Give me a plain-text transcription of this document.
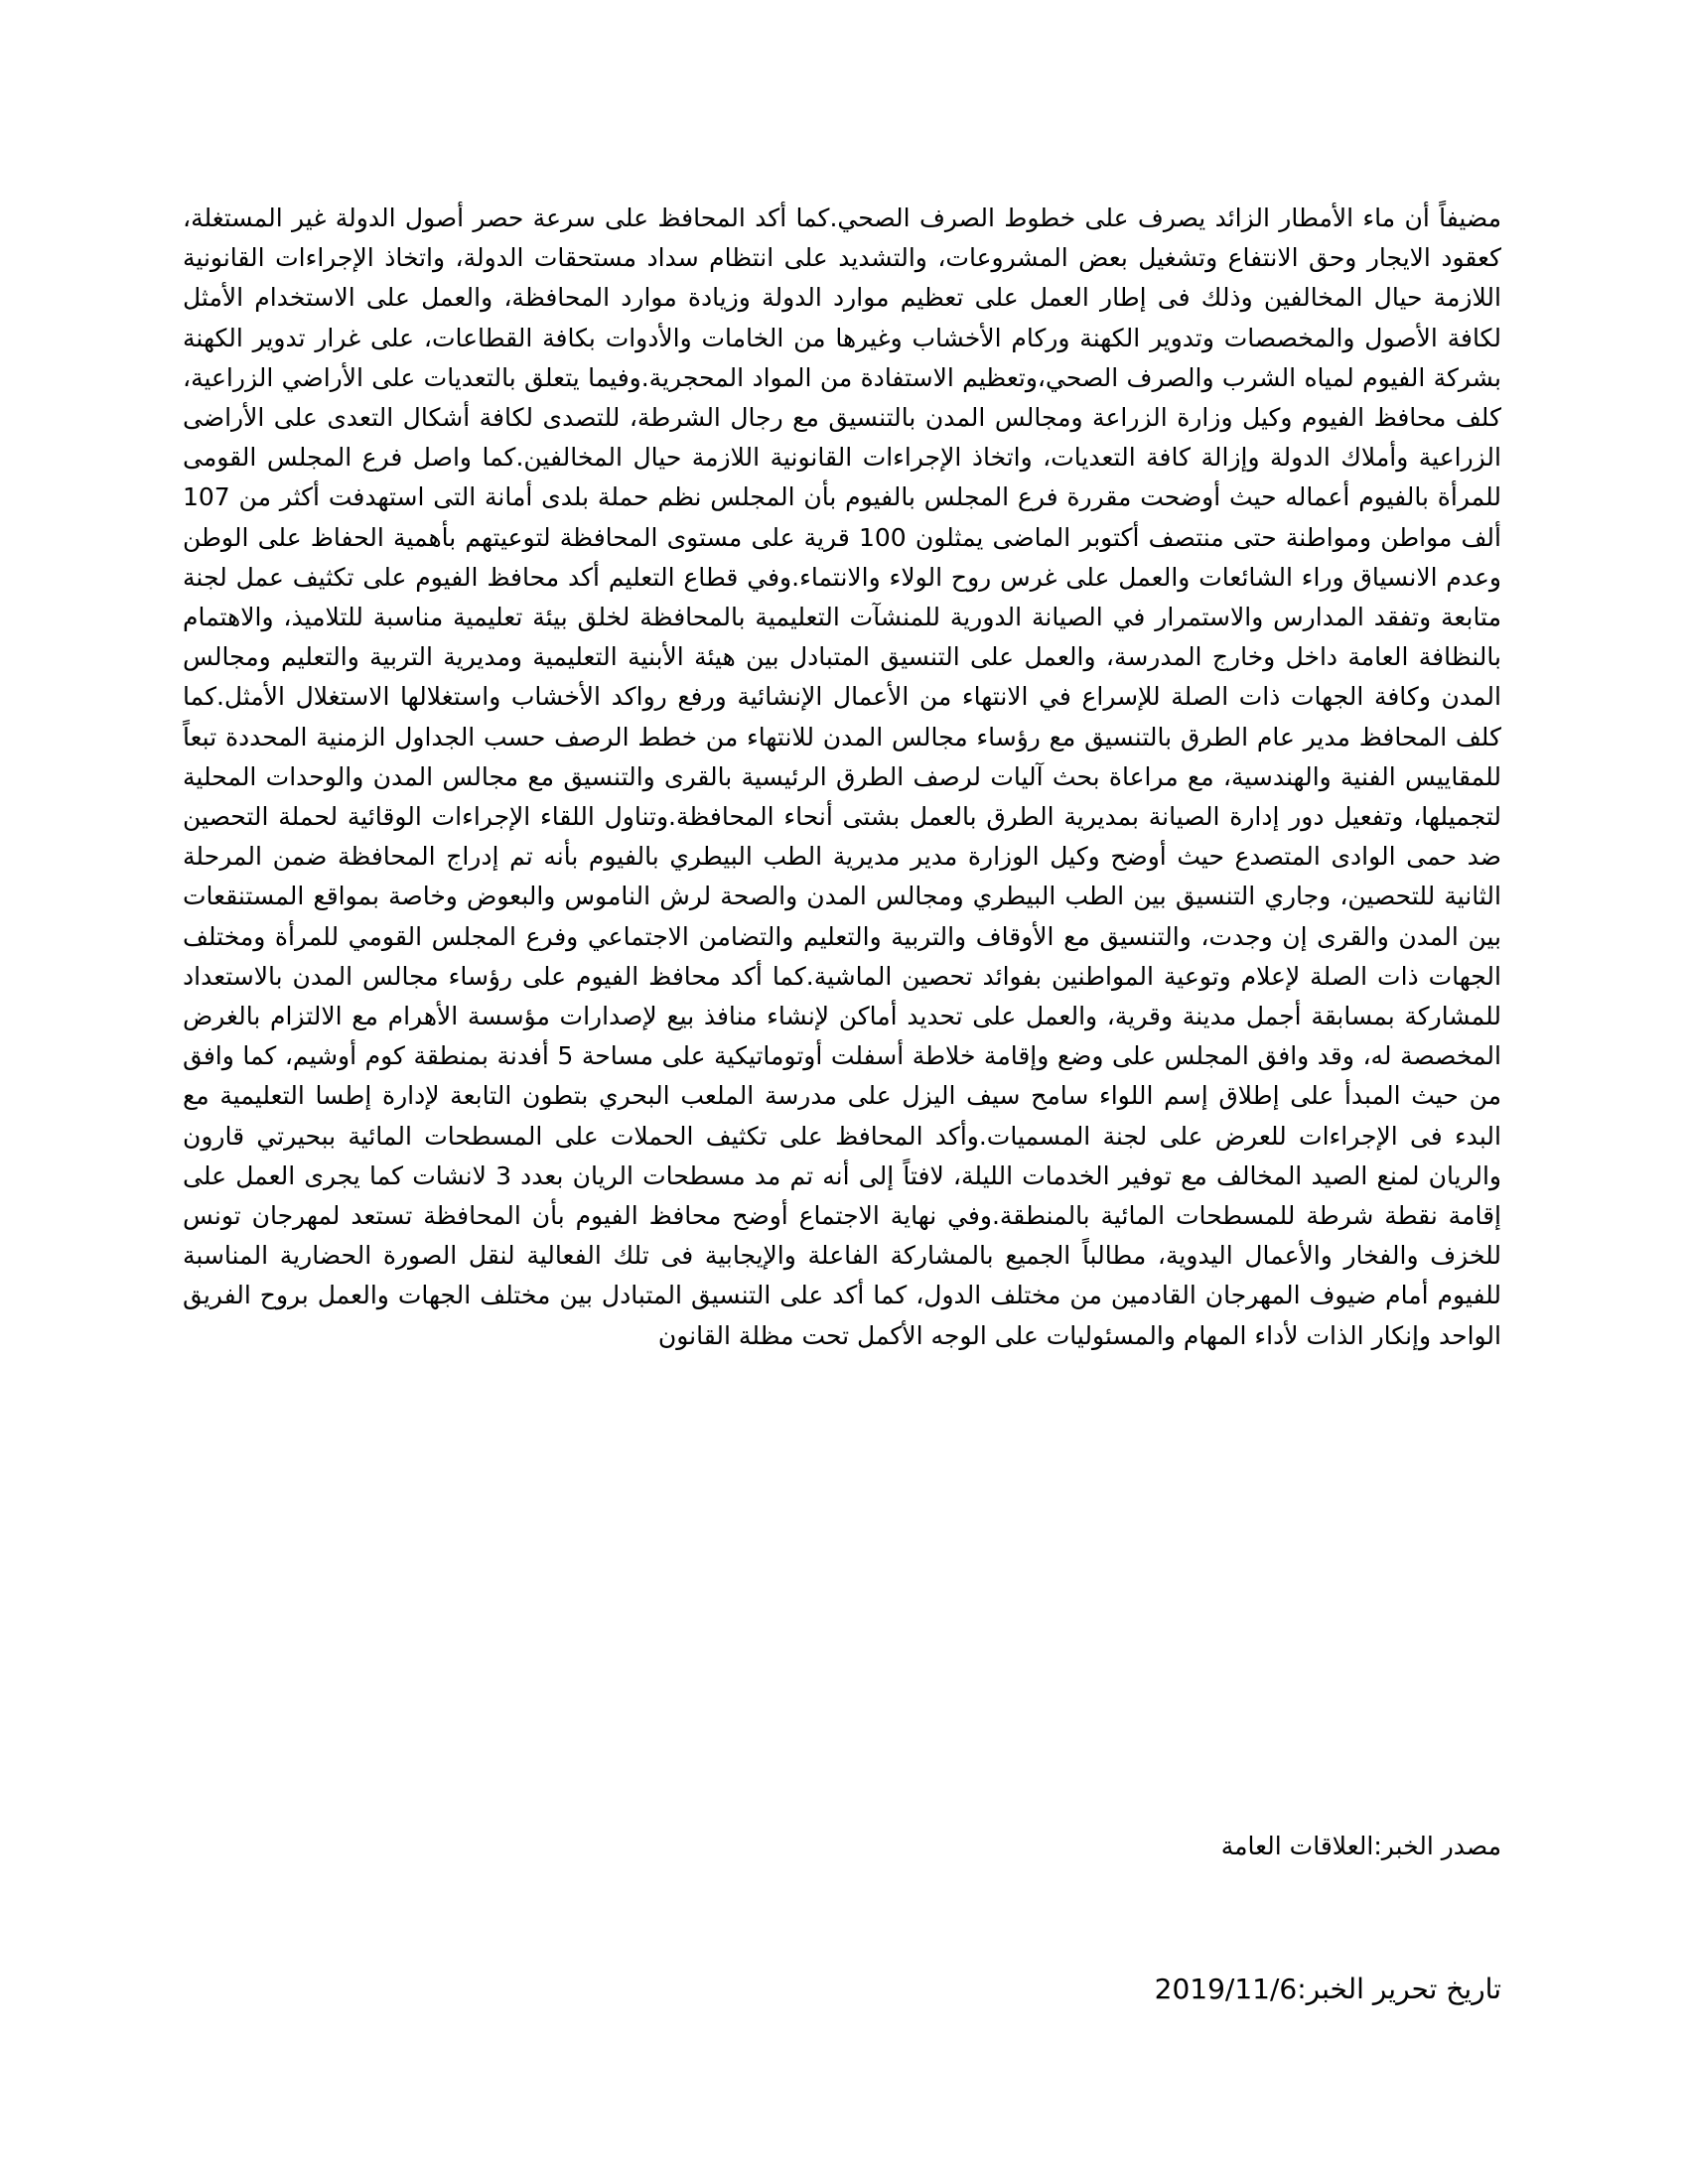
مضيفاً أن ماء الأمطار الزائد يصرف على خطوط الصرف الصحي.كما أكد المحافظ على سرعة حصر أصول الدولة غير المستغلة، كعقود الايجار وحق الانتفاع وتشغيل بعض المشروعات، والتشديد على انتظام سداد مستحقات الدولة، واتخاذ الإجراءات القانونية اللازمة حيال المخالفين وذلك فى إطار العمل على تعظيم موارد الدولة وزيادة موارد المحافظة، والعمل على الاستخدام الأمثل لكافة الأصول والمخصصات وتدوير الكهنة وركام الأخشاب وغيرها من الخامات والأدوات بكافة القطاعات، على غرار تدوير الكهنة بشركة الفيوم لمياه الشرب والصرف الصحي،وتعظيم الاستفادة من المواد المحجرية.وفيما يتعلق بالتعديات على الأراضي الزراعية، كلف محافظ الفيوم وكيل وزارة الزراعة ومجالس المدن بالتنسيق مع رجال الشرطة، للتصدى لكافة أشكال التعدى على الأراضى الزراعية وأملاك الدولة وإزالة كافة التعديات، واتخاذ الإجراءات القانونية اللازمة حيال المخالفين.كما واصل فرع المجلس القومى للمرأة بالفيوم أعماله حيث أوضحت مقررة فرع المجلس بالفيوم بأن المجلس نظم حملة بلدى أمانة التى استهدفت أكثر من 107 ألف مواطن ومواطنة حتى منتصف أكتوبر الماضى يمثلون 100 قرية على مستوى المحافظة لتوعيتهم بأهمية الحفاظ على الوطن وعدم الانسياق وراء الشائعات والعمل على غرس روح الولاء والانتماء.وفي قطاع التعليم أكد محافظ الفيوم على تكثيف عمل لجنة متابعة وتفقد المدارس والاستمرار في الصيانة الدورية للمنشآت التعليمية بالمحافظة لخلق بيئة تعليمية مناسبة للتلاميذ، والاهتمام بالنظافة العامة داخل وخارج المدرسة، والعمل على التنسيق المتبادل بين هيئة الأبنية التعليمية ومديرية التربية والتعليم ومجالس المدن وكافة الجهات ذات الصلة للإسراع في الانتهاء من الأعمال الإنشائية ورفع رواكد الأخشاب واستغلالها الاستغلال الأمثل.كما كلف المحافظ مدير عام الطرق بالتنسيق مع رؤساء مجالس المدن للانتهاء من خطط الرصف حسب الجداول الزمنية المحددة تبعاً للمقاييس الفنية والهندسية، مع مراعاة بحث آليات لرصف الطرق الرئيسية بالقرى والتنسيق مع مجالس المدن والوحدات المحلية لتجميلها، وتفعيل دور إدارة الصيانة بمديرية الطرق بالعمل بشتى أنحاء المحافظة.وتناول اللقاء الإجراءات الوقائية لحملة التحصين ضد حمى الوادى المتصدع حيث أوضح وكيل الوزارة مدير مديرية الطب البيطري بالفيوم بأنه تم إدراج المحافظة ضمن المرحلة الثانية للتحصين، وجاري التنسيق بين الطب البيطري ومجالس المدن والصحة لرش الناموس والبعوض وخاصة بمواقع المستنقعات بين المدن والقرى إن وجدت، والتنسيق مع الأوقاف والتربية والتعليم والتضامن الاجتماعي وفرع المجلس القومي للمرأة ومختلف الجهات ذات الصلة لإعلام وتوعية المواطنين بفوائد تحصين الماشية.كما أكد محافظ الفيوم على رؤساء مجالس المدن بالاستعداد للمشاركة بمسابقة أجمل مدينة وقرية، والعمل على تحديد أماكن لإنشاء منافذ بيع لإصدارات مؤسسة الأهرام مع الالتزام بالغرض المخصصة له، وقد وافق المجلس على وضع وإقامة خلاطة أسفلت أوتوماتيكية على مساحة 5 أفدنة بمنطقة كوم أوشيم، كما وافق من حيث المبدأ على إطلاق إسم اللواء سامح سيف اليزل على مدرسة الملعب البحري بتطون التابعة لإدارة إطسا التعليمية مع البدء فى الإجراءات للعرض على لجنة المسميات.وأكد المحافظ على تكثيف الحملات على المسطحات المائية ببحيرتي قارون والريان لمنع الصيد المخالف مع توفير الخدمات الليلة، لافتاً إلى أنه تم مد مسطحات الريان بعدد 3 لانشات كما يجرى العمل على إقامة نقطة شرطة للمسطحات المائية بالمنطقة.وفي نهاية الاجتماع أوضح محافظ الفيوم بأن المحافظة تستعد لمهرجان تونس للخزف والفخار والأعمال اليدوية، مطالباً الجميع بالمشاركة الفاعلة والإيجابية فى تلك الفعالية لنقل الصورة الحضارية المناسبة للفيوم أمام ضيوف المهرجان القادمين من مختلف الدول، كما أكد على التنسيق المتبادل بين مختلف الجهات والعمل بروح الفريق الواحد وإنكار الذات لأداء المهام والمسئوليات على الوجه الأكمل تحت مظلة القانون

مصدر الخبر:العلاقات العامة

تاريخ تحرير الخبر:2019/11/6
